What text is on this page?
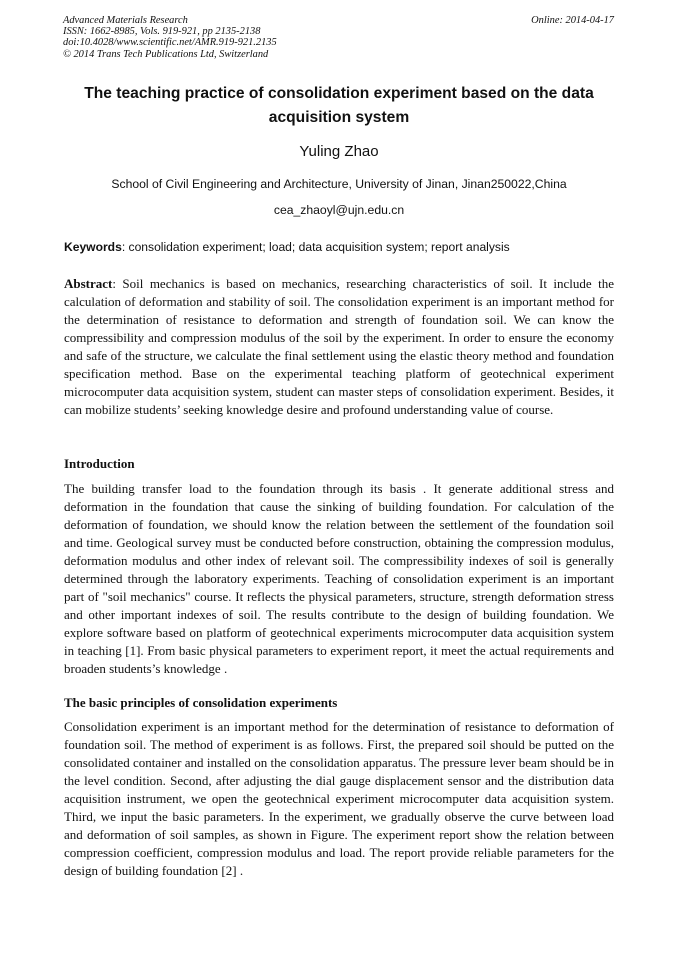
Advanced Materials Research
ISSN: 1662-8985, Vols. 919-921, pp 2135-2138
doi:10.4028/www.scientific.net/AMR.919-921.2135
© 2014 Trans Tech Publications Ltd, Switzerland
Online: 2014-04-17
The teaching practice of consolidation experiment based on the data acquisition system
Yuling Zhao
School of Civil Engineering and Architecture, University of Jinan, Jinan250022,China
cea_zhaoyl@ujn.edu.cn
Keywords: consolidation experiment; load; data acquisition system; report analysis
Abstract: Soil mechanics is based on mechanics, researching characteristics of soil. It include the calculation of deformation and stability of soil. The consolidation experiment is an important method for the determination of resistance to deformation and strength of foundation soil. We can know the compressibility and compression modulus of the soil by the experiment. In order to ensure the economy and safe of the structure, we calculate the final settlement using the elastic theory method and foundation specification method. Base on the experimental teaching platform of geotechnical experiment microcomputer data acquisition system, student can master steps of consolidation experiment. Besides, it can mobilize students’ seeking knowledge desire and profound understanding value of course.
Introduction
The building transfer load to the foundation through its basis . It generate additional stress and deformation in the foundation that cause the sinking of building foundation. For calculation of the deformation of foundation, we should know the relation between the settlement of the foundation soil and time. Geological survey must be conducted before construction, obtaining the compression modulus, deformation modulus and other index of relevant soil. The compressibility indexes of soil is generally determined through the laboratory experiments. Teaching of consolidation experiment is an important part of "soil mechanics" course. It reflects the physical parameters, structure, strength deformation stress and other important indexes of soil. The results contribute to the design of building foundation. We explore software based on platform of geotechnical experiments microcomputer data acquisition system in teaching [1]. From basic physical parameters to experiment report, it meet the actual requirements and broaden students’s knowledge .
The basic principles of consolidation experiments
Consolidation experiment is an important method for the determination of resistance to deformation of foundation soil. The method of experiment is as follows. First, the prepared soil should be putted on the consolidated container and installed on the consolidation apparatus. The pressure lever beam should be in the level condition. Second, after adjusting the dial gauge displacement sensor and the distribution data acquisition instrument, we open the geotechnical experiment microcomputer data acquisition system. Third, we input the basic parameters. In the experiment, we gradually observe the curve between load and deformation of soil samples, as shown in Figure. The experiment report show the relation between compression coefficient, compression modulus and load. The report provide reliable parameters for the design of building foundation [2] .
